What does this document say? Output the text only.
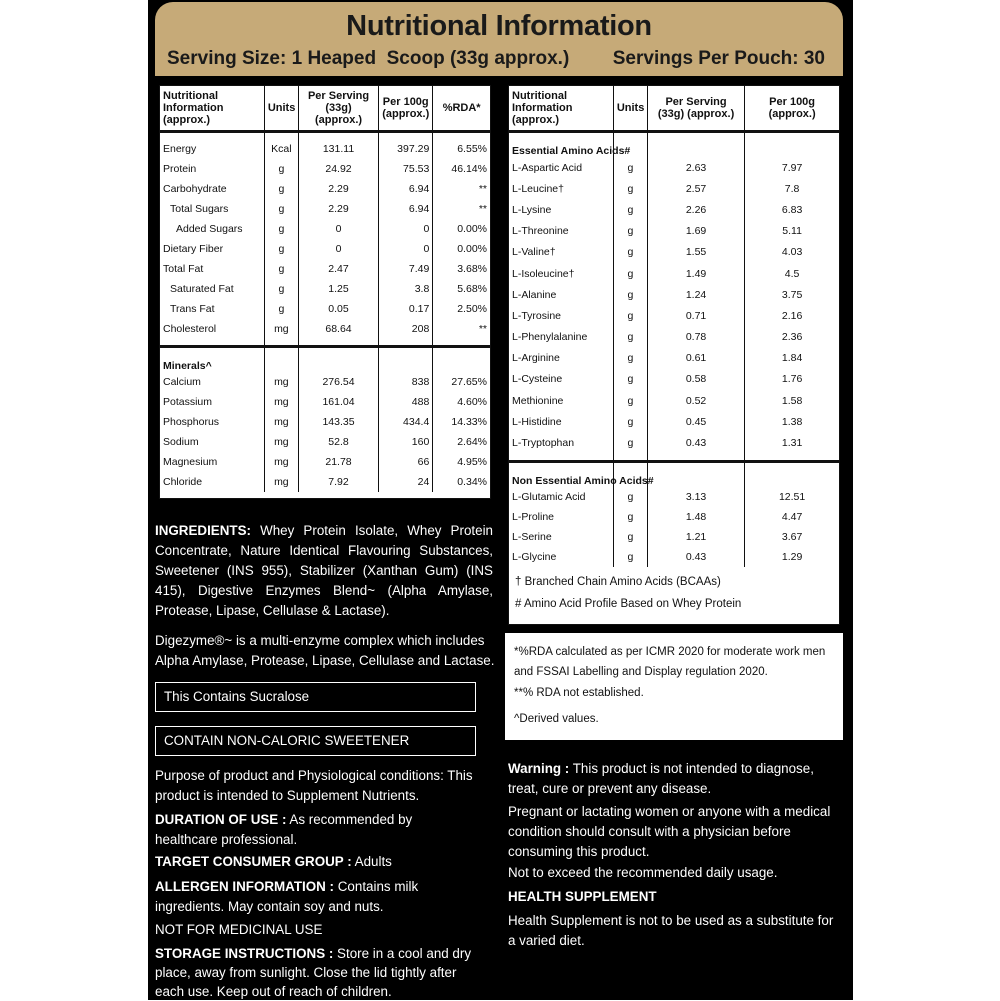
Nutritional Information
Serving Size: 1 Heaped  Scoop (33g approx.) Servings Per Pouch: 30
Nutritional Information (approx.)	Units	Per Serving (33g) (approx.)	Per 100g (approx.)	%RDA*

Energy	Kcal	131.11	397.29	6.55%
Protein	g	24.92	75.53	46.14%
Carbohydrate	g	2.29	6.94	**
Total Sugars	g	2.29	6.94	**
Added Sugars	g	0	0	0.00%
Dietary Fiber	g	0	0	0.00%
Total Fat	g	2.47	7.49	3.68%
Saturated Fat	g	1.25	3.8	5.68%
Trans Fat	g	0.05	0.17	2.50%
Cholesterol	mg	68.64	208	**

Minerals^				
Calcium	mg	276.54	838	27.65%
Potassium	mg	161.04	488	4.60%
Phosphorus	mg	143.35	434.4	14.33%
Sodium	mg	52.8	160	2.64%
Magnesium	mg	21.78	66	4.95%
Chloride	mg	7.92	24	0.34%
Nutritional Information (approx.)	Units	Per Serving (33g) (approx.)	Per 100g (approx.)
Essential Amino Acids#			
L-Aspartic Acid	g	2.63	7.97
L-Leucine†	g	2.57	7.8
L-Lysine	g	2.26	6.83
L-Threonine	g	1.69	5.11
L-Valine†	g	1.55	4.03
L-Isoleucine†	g	1.49	4.5
L-Alanine	g	1.24	3.75
L-Tyrosine	g	0.71	2.16
L-Phenylalanine	g	0.78	2.36
L-Arginine	g	0.61	1.84
L-Cysteine	g	0.58	1.76
Methionine	g	0.52	1.58
L-Histidine	g	0.45	1.38
L-Tryptophan	g	0.43	1.31

Non Essential Amino Acids#			
L-Glutamic Acid	g	3.13	12.51
L-Proline	g	1.48	4.47
L-Serine	g	1.21	3.67
L-Glycine	g	0.43	1.29
† Branched Chain Amino Acids (BCAAs)
# Amino Acid Profile Based on Whey Protein
*%RDA calculated as per ICMR 2020 for moderate work men and FSSAI Labelling and Display regulation 2020.
**% RDA not established.
^Derived values.
INGREDIENTS: Whey Protein Isolate, Whey Protein Concentrate, Nature Identical Flavouring Substances, Sweetener (INS 955), Stabilizer (Xanthan Gum) (INS 415), Digestive Enzymes Blend~ (Alpha Amylase, Protease, Lipase, Cellulase & Lactase).
Digezyme®~ is a multi-enzyme complex which includes Alpha Amylase, Protease, Lipase, Cellulase and Lactase.
This Contains Sucralose
CONTAIN NON-CALORIC SWEETENER
Purpose of product and Physiological conditions: This product is intended to Supplement Nutrients.
DURATION OF USE : As recommended by healthcare professional.
TARGET CONSUMER GROUP : Adults
ALLERGEN INFORMATION : Contains milk ingredients. May contain soy and nuts.
NOT FOR MEDICINAL USE
STORAGE INSTRUCTIONS : Store in a cool and dry place, away from sunlight. Close the lid tightly after each use. Keep out of reach of children.
Warning : This product is not intended to diagnose, treat, cure or prevent any disease.
Pregnant or lactating women or anyone with a medical condition should consult with a physician before consuming this product.
Not to exceed the recommended daily usage.
HEALTH SUPPLEMENT
Health Supplement is not to be used as a substitute for a varied diet.
